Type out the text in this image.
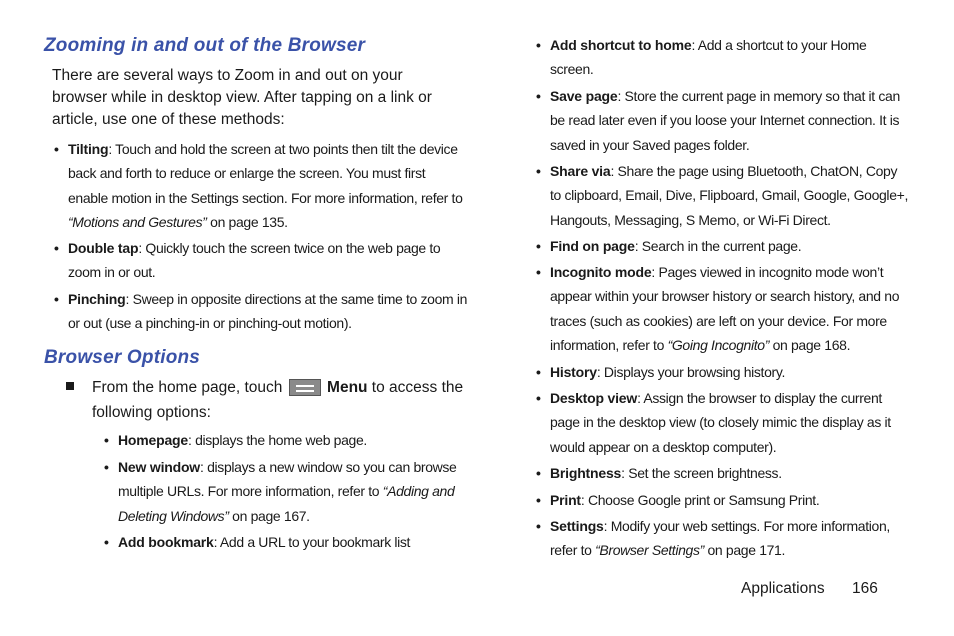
Zooming in and out of the Browser

There are several ways to Zoom in and out on your browser while in desktop view. After tapping on a link or article, use one of these methods:

• Tilting: Touch and hold the screen at two points then tilt the device back and forth to reduce or enlarge the screen. You must first enable motion in the Settings section. For more information, refer to “Motions and Gestures” on page 135.

• Double tap: Quickly touch the screen twice on the web page to zoom in or out.

• Pinching: Sweep in opposite directions at the same time to zoom in or out (use a pinching-in or pinching-out motion).

Browser Options

From the home page, touch	Menu to access the following options:

• Homepage: displays the home web page.

• New window: displays a new window so you can browse multiple URLs. For more information, refer to “Adding and Deleting Windows” on page 167.

• Add bookmark: Add a URL to your bookmark list

• Add shortcut to home: Add a shortcut to your Home screen.

• Save page: Store the current page in memory so that it can be read later even if you loose your Internet connection. It is saved in your Saved pages folder.

• Share via: Share the page using Bluetooth, ChatON, Copy to clipboard, Email, Dive, Flipboard, Gmail, Google, Google+, Hangouts, Messaging, S Memo, or Wi-Fi Direct.

• Find on page: Search in the current page.

• Incognito mode: Pages viewed in incognito mode won’t appear within your browser history or search history, and no traces (such as cookies) are left on your device. For more information, refer to “Going Incognito” on page 168.

• History: Displays your browsing history.

• Desktop view: Assign the browser to display the current page in the desktop view (to closely mimic the display as it would appear on a desktop computer).

• Brightness: Set the screen brightness.

• Print: Choose Google print or Samsung Print.

• Settings: Modify your web settings. For more information, refer to “Browser Settings” on page 171.

Applications 166
